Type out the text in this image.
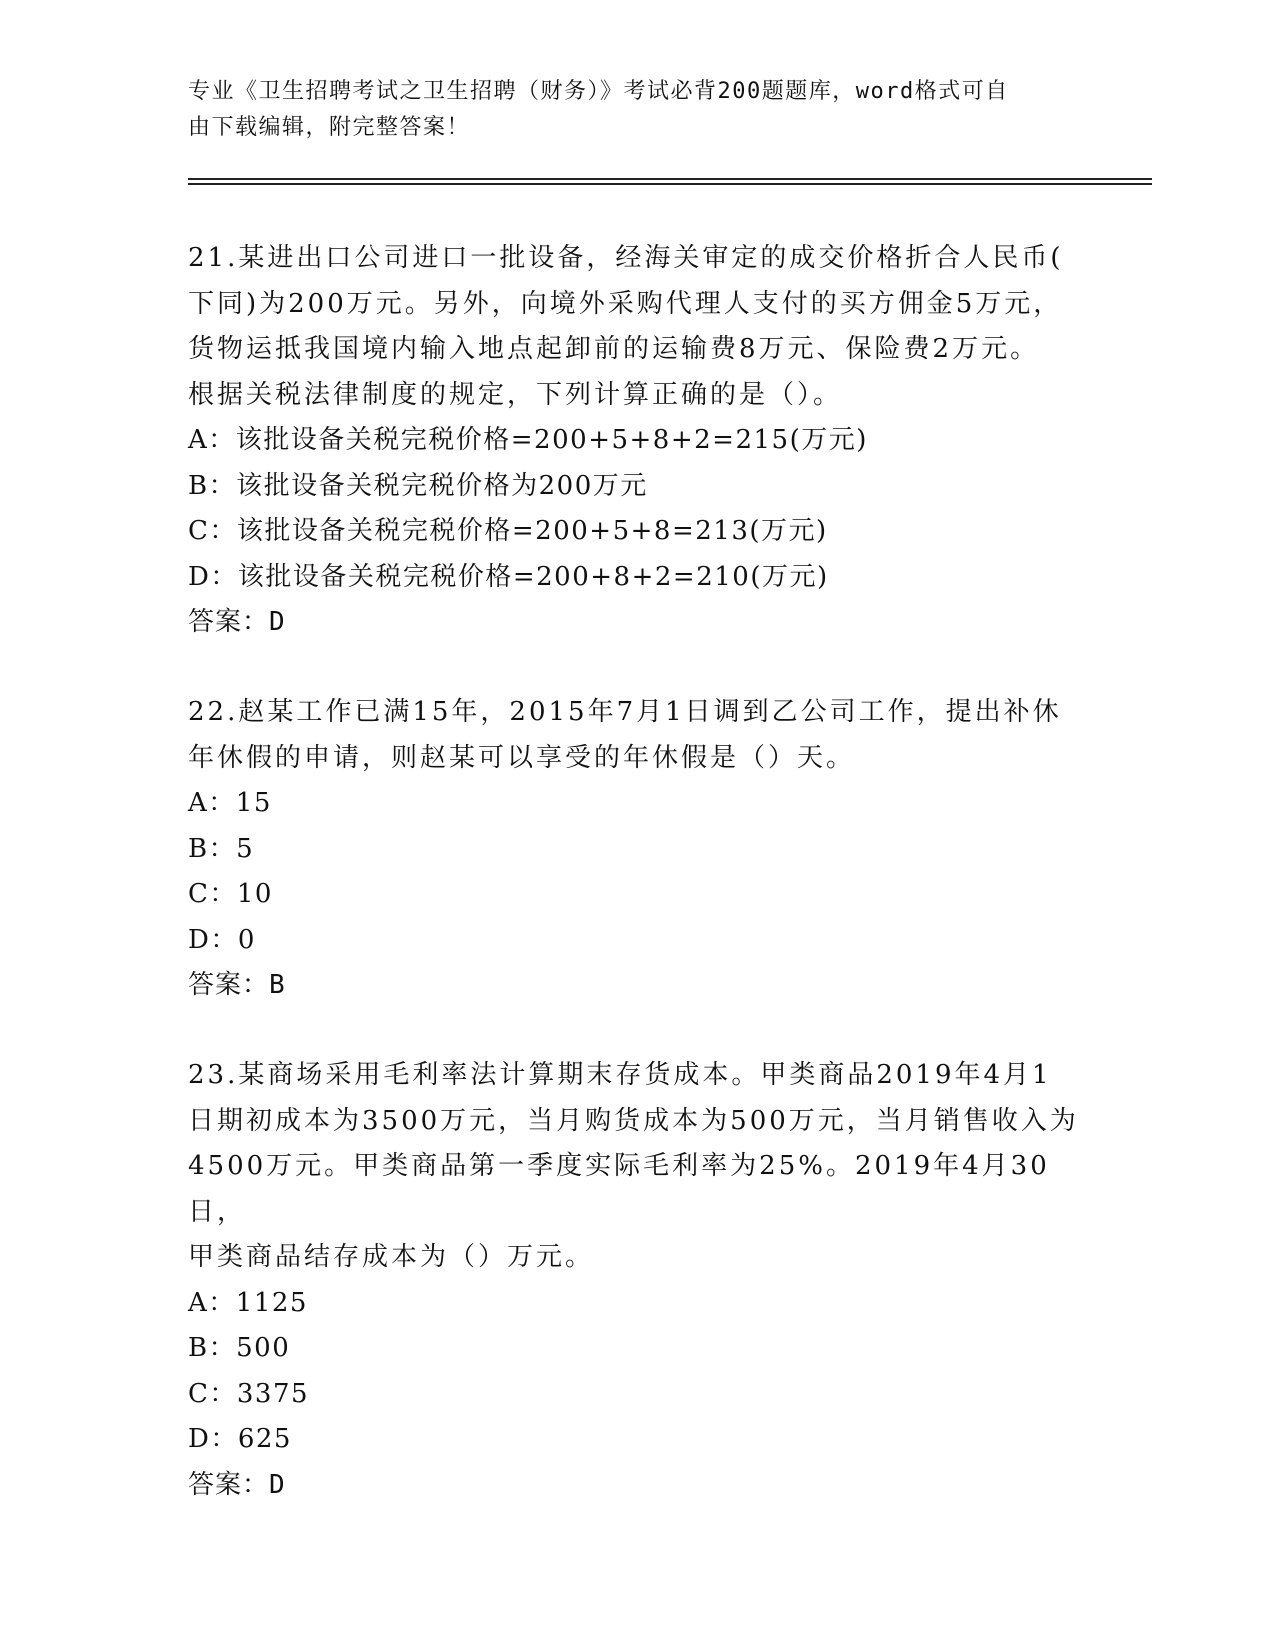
专业《卫生招聘考试之卫生招聘（财务）》考试必背200题题库，word格式可自
由下载编辑，附完整答案！
21.某进出口公司进口一批设备，经海关审定的成交价格折合人民币(
下同)为200万元。另外，向境外采购代理人支付的买方佣金5万元，
货物运抵我国境内输入地点起卸前的运输费8万元、保险费2万元。
根据关税法律制度的规定，下列计算正确的是（）。
A：该批设备关税完税价格=200+5+8+2=215(万元)
B：该批设备关税完税价格为200万元
C：该批设备关税完税价格=200+5+8=213(万元)
D：该批设备关税完税价格=200+8+2=210(万元)
答案：D
22.赵某工作已满15年，2015年7月1日调到乙公司工作，提出补休
年休假的申请，则赵某可以享受的年休假是（）天。
A：15
B：5
C：10
D：0
答案：B
23.某商场采用毛利率法计算期末存货成本。甲类商品2019年4月1
日期初成本为3500万元，当月购货成本为500万元，当月销售收入为
4500万元。甲类商品第一季度实际毛利率为25%。2019年4月30日，
甲类商品结存成本为（）万元。
A：1125
B：500
C：3375
D：625
答案：D
